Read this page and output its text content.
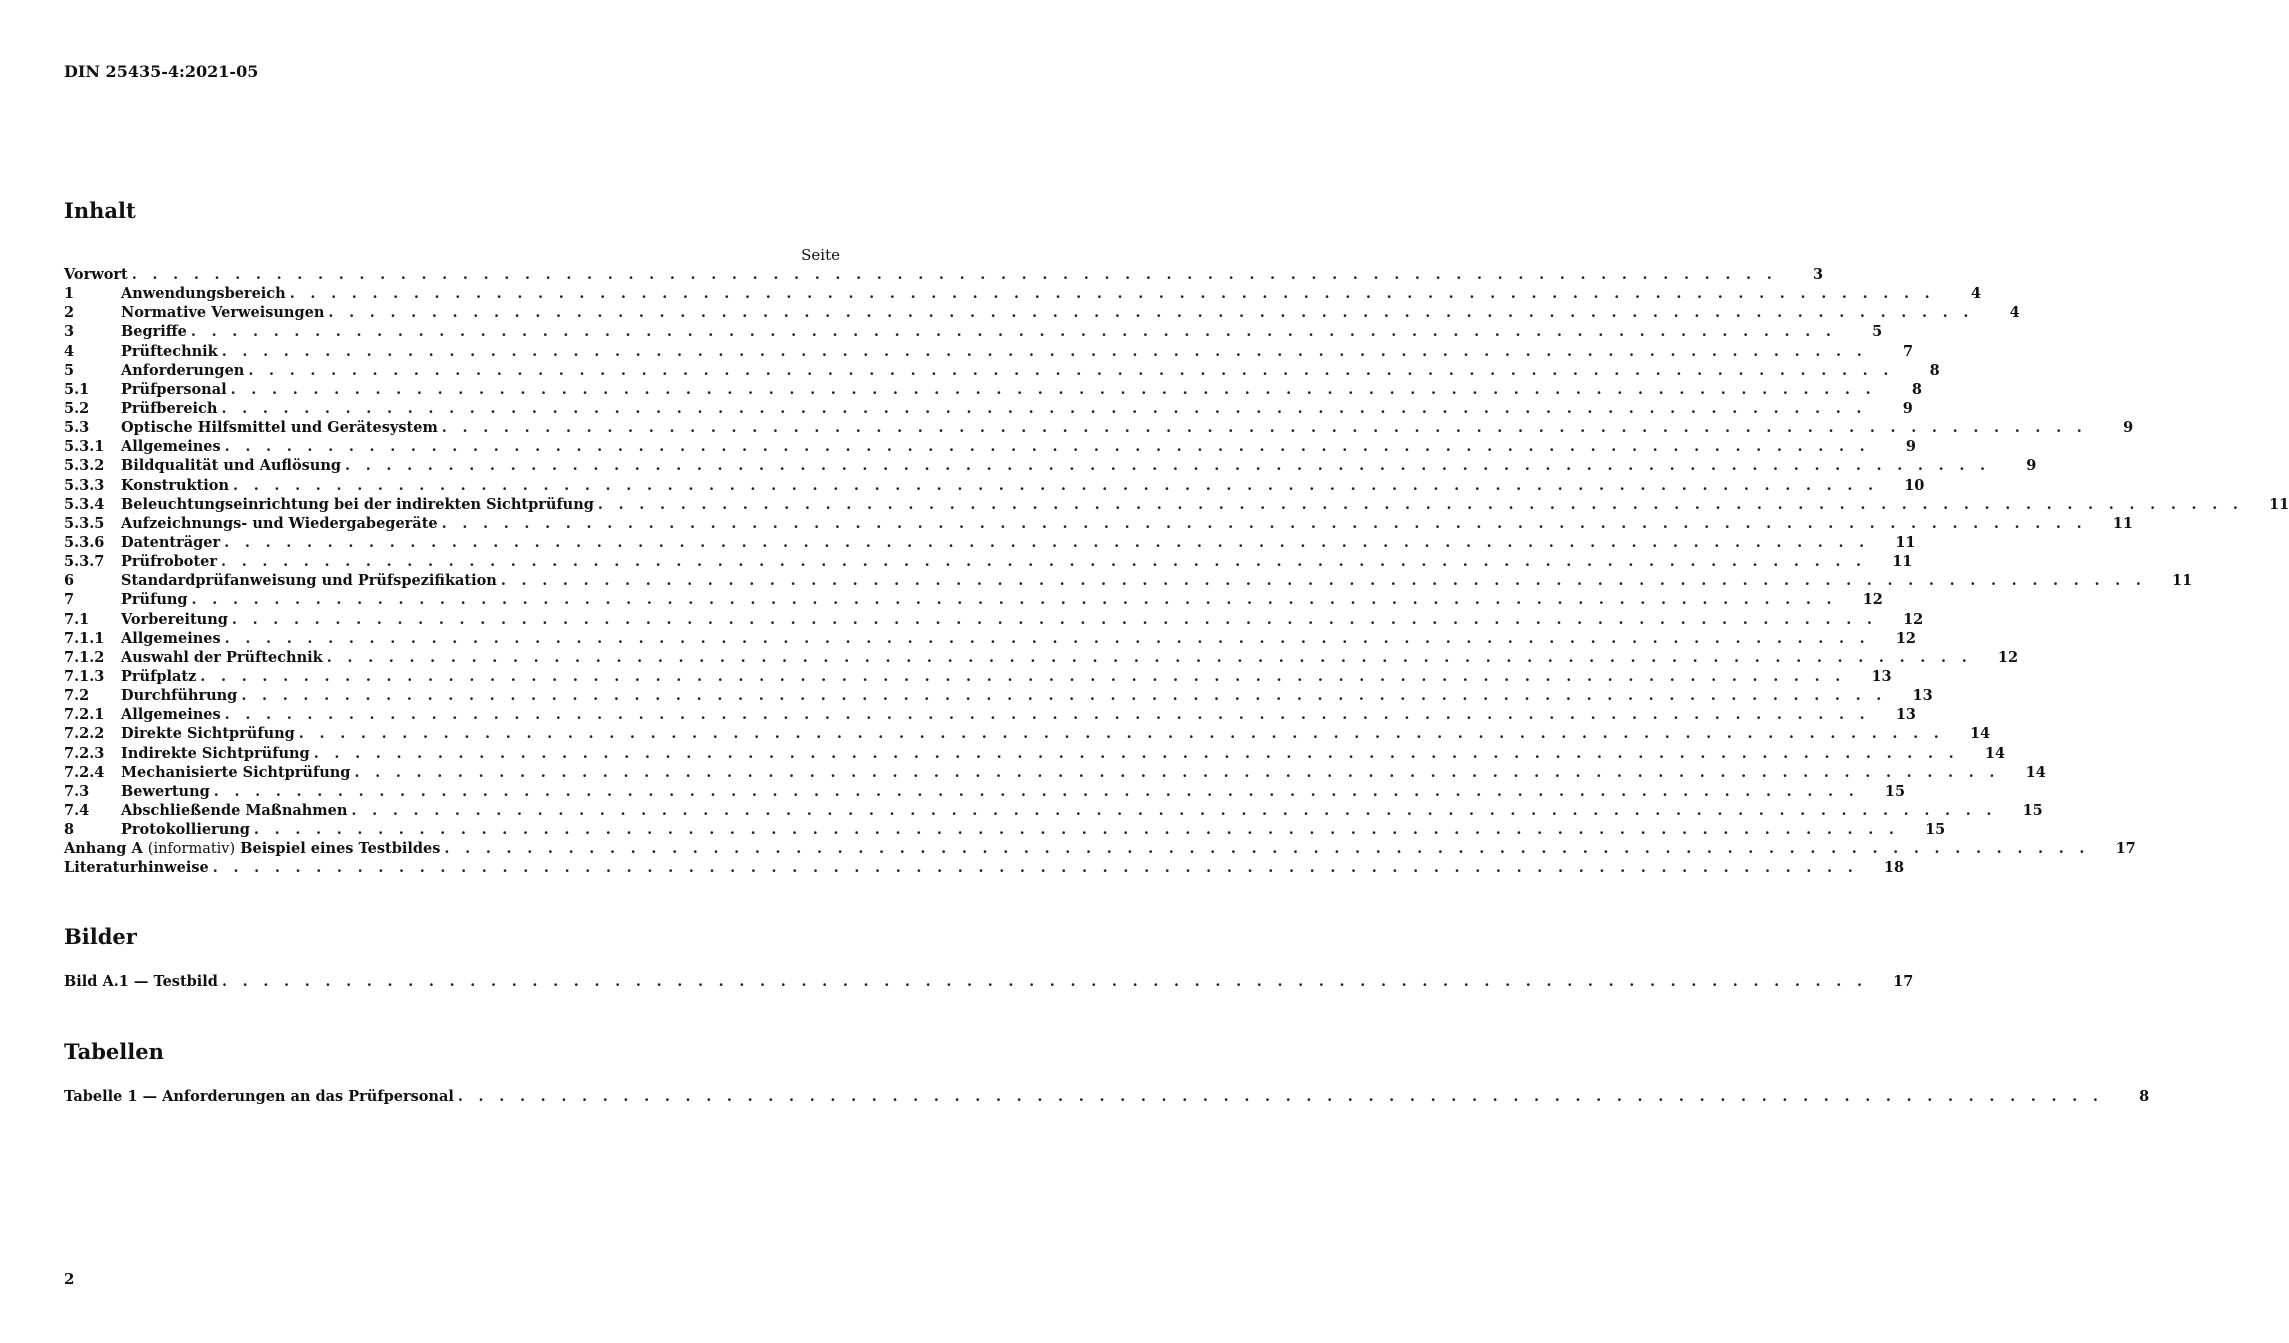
DIN 25435-4:2021-05
Inhalt
Seite
Vorwort . . . . . . . . . . . . . . . . . . . . . . . . . . . . . . . . . . . . . . . . . . . . . . . . . . . . . . . . . . . . . . . . . . . . . . . . . . . . . . . .	3
1	Anwendungsbereich . . . . . . . . . . . . . . . . . . . . . . . . . . . . . . . . . . . . . . . . . . . . . . . . . . . . . . . . . . . . . . . . . . . . . . . . . . . . . . . .	4
2	Normative Verweisungen . . . . . . . . . . . . . . . . . . . . . . . . . . . . . . . . . . . . . . . . . . . . . . . . . . . . . . . . . . . . . . . . . . . . . . . . . . . . . . . .	4
3	Begriffe . . . . . . . . . . . . . . . . . . . . . . . . . . . . . . . . . . . . . . . . . . . . . . . . . . . . . . . . . . . . . . . . . . . . . . . . . . . . . . . .	5
4	Prüftechnik . . . . . . . . . . . . . . . . . . . . . . . . . . . . . . . . . . . . . . . . . . . . . . . . . . . . . . . . . . . . . . . . . . . . . . . . . . . . . . . .	7
5	Anforderungen . . . . . . . . . . . . . . . . . . . . . . . . . . . . . . . . . . . . . . . . . . . . . . . . . . . . . . . . . . . . . . . . . . . . . . . . . . . . . . . .	8
5.1	Prüfpersonal . . . . . . . . . . . . . . . . . . . . . . . . . . . . . . . . . . . . . . . . . . . . . . . . . . . . . . . . . . . . . . . . . . . . . . . . . . . . . . . .	8
5.2	Prüfbereich . . . . . . . . . . . . . . . . . . . . . . . . . . . . . . . . . . . . . . . . . . . . . . . . . . . . . . . . . . . . . . . . . . . . . . . . . . . . . . . .	9
5.3	Optische Hilfsmittel und Gerätesystem . . . . . . . . . . . . . . . . . . . . . . . . . . . . . . . . . . . . . . . . . . . . . . . . . . . . . . . . . . . . . . . . . . . . . . . . . . . . . . . .	9
5.3.1	Allgemeines . . . . . . . . . . . . . . . . . . . . . . . . . . . . . . . . . . . . . . . . . . . . . . . . . . . . . . . . . . . . . . . . . . . . . . . . . . . . . . . .	9
5.3.2	Bildqualität und Auflösung . . . . . . . . . . . . . . . . . . . . . . . . . . . . . . . . . . . . . . . . . . . . . . . . . . . . . . . . . . . . . . . . . . . . . . . . . . . . . . . .	9
5.3.3	Konstruktion . . . . . . . . . . . . . . . . . . . . . . . . . . . . . . . . . . . . . . . . . . . . . . . . . . . . . . . . . . . . . . . . . . . . . . . . . . . . . . . .	10
5.3.4	Beleuchtungseinrichtung bei der indirekten Sichtprüfung . . . . . . . . . . . . . . . . . . . . . . . . . . . . . . . . . . . . . . . . . . . . . . . . . . . . . . . . . . . . . . . . . . . . . . . . . . . . . . . .	11
5.3.5	Aufzeichnungs- und Wiedergabegeräte . . . . . . . . . . . . . . . . . . . . . . . . . . . . . . . . . . . . . . . . . . . . . . . . . . . . . . . . . . . . . . . . . . . . . . . . . . . . . . . .	11
5.3.6	Datenträger . . . . . . . . . . . . . . . . . . . . . . . . . . . . . . . . . . . . . . . . . . . . . . . . . . . . . . . . . . . . . . . . . . . . . . . . . . . . . . . .	11
5.3.7	Prüfroboter . . . . . . . . . . . . . . . . . . . . . . . . . . . . . . . . . . . . . . . . . . . . . . . . . . . . . . . . . . . . . . . . . . . . . . . . . . . . . . . .	11
6	Standardprüfanweisung und Prüfspezifikation . . . . . . . . . . . . . . . . . . . . . . . . . . . . . . . . . . . . . . . . . . . . . . . . . . . . . . . . . . . . . . . . . . . . . . . . . . . . . . . .	11
7	Prüfung . . . . . . . . . . . . . . . . . . . . . . . . . . . . . . . . . . . . . . . . . . . . . . . . . . . . . . . . . . . . . . . . . . . . . . . . . . . . . . . .	12
7.1	Vorbereitung . . . . . . . . . . . . . . . . . . . . . . . . . . . . . . . . . . . . . . . . . . . . . . . . . . . . . . . . . . . . . . . . . . . . . . . . . . . . . . . .	12
7.1.1	Allgemeines . . . . . . . . . . . . . . . . . . . . . . . . . . . . . . . . . . . . . . . . . . . . . . . . . . . . . . . . . . . . . . . . . . . . . . . . . . . . . . . .	12
7.1.2	Auswahl der Prüftechnik . . . . . . . . . . . . . . . . . . . . . . . . . . . . . . . . . . . . . . . . . . . . . . . . . . . . . . . . . . . . . . . . . . . . . . . . . . . . . . . .	12
7.1.3	Prüfplatz . . . . . . . . . . . . . . . . . . . . . . . . . . . . . . . . . . . . . . . . . . . . . . . . . . . . . . . . . . . . . . . . . . . . . . . . . . . . . . . .	13
7.2	Durchführung . . . . . . . . . . . . . . . . . . . . . . . . . . . . . . . . . . . . . . . . . . . . . . . . . . . . . . . . . . . . . . . . . . . . . . . . . . . . . . . .	13
7.2.1	Allgemeines . . . . . . . . . . . . . . . . . . . . . . . . . . . . . . . . . . . . . . . . . . . . . . . . . . . . . . . . . . . . . . . . . . . . . . . . . . . . . . . .	13
7.2.2	Direkte Sichtprüfung . . . . . . . . . . . . . . . . . . . . . . . . . . . . . . . . . . . . . . . . . . . . . . . . . . . . . . . . . . . . . . . . . . . . . . . . . . . . . . . .	14
7.2.3	Indirekte Sichtprüfung . . . . . . . . . . . . . . . . . . . . . . . . . . . . . . . . . . . . . . . . . . . . . . . . . . . . . . . . . . . . . . . . . . . . . . . . . . . . . . . .	14
7.2.4	Mechanisierte Sichtprüfung . . . . . . . . . . . . . . . . . . . . . . . . . . . . . . . . . . . . . . . . . . . . . . . . . . . . . . . . . . . . . . . . . . . . . . . . . . . . . . . .	14
7.3	Bewertung . . . . . . . . . . . . . . . . . . . . . . . . . . . . . . . . . . . . . . . . . . . . . . . . . . . . . . . . . . . . . . . . . . . . . . . . . . . . . . . .	15
7.4	Abschließende Maßnahmen . . . . . . . . . . . . . . . . . . . . . . . . . . . . . . . . . . . . . . . . . . . . . . . . . . . . . . . . . . . . . . . . . . . . . . . . . . . . . . . .	15
8	Protokollierung . . . . . . . . . . . . . . . . . . . . . . . . . . . . . . . . . . . . . . . . . . . . . . . . . . . . . . . . . . . . . . . . . . . . . . . . . . . . . . . .	15
Anhang A (informativ) Beispiel eines Testbildes . . . . . . . . . . . . . . . . . . . . . . . . . . . . . . . . . . . . . . . . . . . . . . . . . . . . . . . . . . . . . . . . . . . . . . . . . . . . . . . .	17
Literaturhinweise . . . . . . . . . . . . . . . . . . . . . . . . . . . . . . . . . . . . . . . . . . . . . . . . . . . . . . . . . . . . . . . . . . . . . . . . . . . . . . . .	18
Bilder
Bild A.1 — Testbild . . . . . . . . . . . . . . . . . . . . . . . . . . . . . . . . . . . . . . . . . . . . . . . . . . . . . . . . . . . . . . . . . . . . . . . . . . . . . . . .	17
Tabellen
Tabelle 1 — Anforderungen an das Prüfpersonal . . . . . . . . . . . . . . . . . . . . . . . . . . . . . . . . . . . . . . . . . . . . . . . . . . . . . . . . . . . . . . . . . . . . . . . . . . . . . . . .	8
2
